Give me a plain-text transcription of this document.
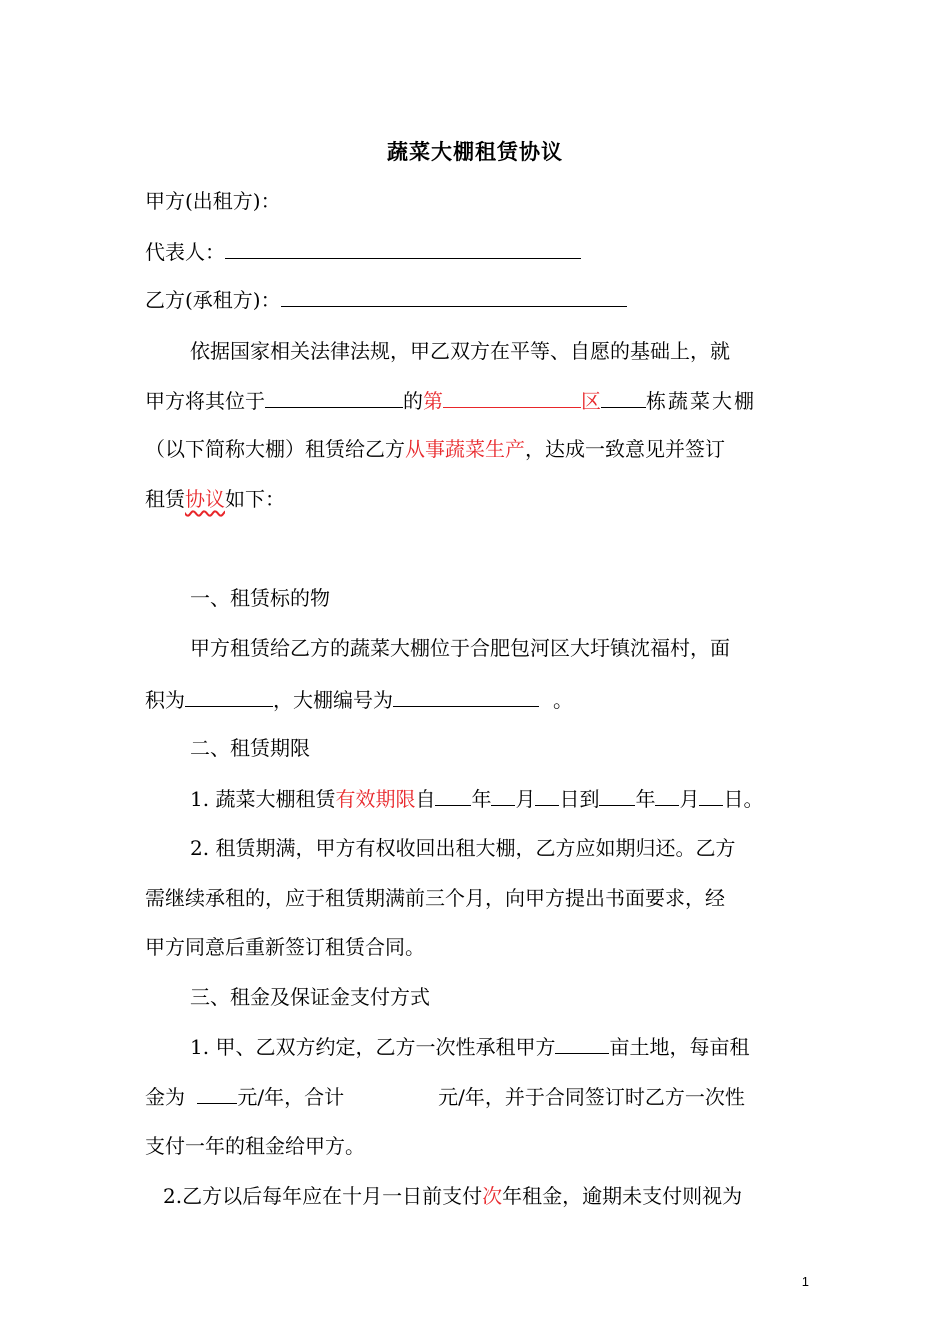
蔬菜大棚租赁协议
甲方(出租方)：
代表人：
乙方(承租方)：
依据国家相关法律法规，甲乙双方在平等、自愿的基础上，就
甲方将其位于	的第	区 栋蔬菜大棚
（以下简称大棚）租赁给乙方从事蔬菜生产，达成一致意见并签订
租赁协议如下：
一、租赁标的物
甲方租赁给乙方的蔬菜大棚位于合肥包河区大圩镇沈福村，面
积为	，大棚编号为	。
二、租赁期限
1. 蔬菜大棚租赁有效期限自 年 月 日到 年 月 日。
2. 租赁期满，甲方有权收回出租大棚，乙方应如期归还。乙方
需继续承租的，应于租赁期满前三个月，向甲方提出书面要求，经
甲方同意后重新签订租赁合同。
三、租金及保证金支付方式
1. 甲、乙双方约定，乙方一次性承租甲方	亩土地，每亩租
金为 元/年，合计	元/年，并于合同签订时乙方一次性
支付一年的租金给甲方。
2.乙方以后每年应在十月一日前支付次年租金，逾期未支付则视为
1
